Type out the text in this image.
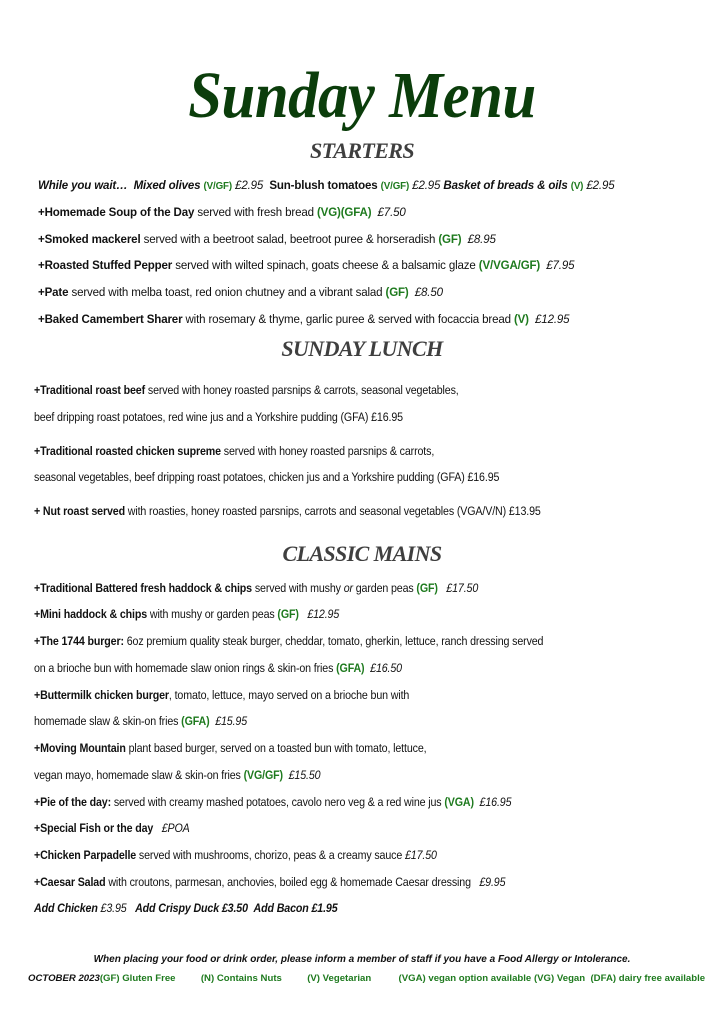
Sunday Menu
STARTERS
While you wait… Mixed olives (V/GF) £2.95 Sun-blush tomatoes (V/GF) £2.95 Basket of breads & oils (V) £2.95
+Homemade Soup of the Day served with fresh bread (VG)(GFA) £7.50
+Smoked mackerel served with a beetroot salad, beetroot puree & horseradish (GF) £8.95
+Roasted Stuffed Pepper served with wilted spinach, goats cheese & a balsamic glaze (V/VGA/GF) £7.95
+Pate served with melba toast, red onion chutney and a vibrant salad (GF) £8.50
+Baked Camembert Sharer with rosemary & thyme, garlic puree & served with focaccia bread (V) £12.95
SUNDAY LUNCH
+Traditional roast beef served with honey roasted parsnips & carrots, seasonal vegetables,
beef dripping roast potatoes, red wine jus and a Yorkshire pudding (GFA) £16.95
+Traditional roasted chicken supreme served with honey roasted parsnips & carrots,
seasonal vegetables, beef dripping roast potatoes, chicken jus and a Yorkshire pudding (GFA) £16.95
+ Nut roast served with roasties, honey roasted parsnips, carrots and seasonal vegetables (VGA/V/N) £13.95
CLASSIC MAINS
+Traditional Battered fresh haddock & chips served with mushy or garden peas (GF) £17.50
+Mini haddock & chips with mushy or garden peas (GF) £12.95
+The 1744 burger: 6oz premium quality steak burger, cheddar, tomato, gherkin, lettuce, ranch dressing served
on a brioche bun with homemade slaw onion rings & skin-on fries (GFA) £16.50
+Buttermilk chicken burger, tomato, lettuce, mayo served on a brioche bun with
homemade slaw & skin-on fries (GFA) £15.95
+Moving Mountain plant based burger, served on a toasted bun with tomato, lettuce,
vegan mayo, homemade slaw & skin-on fries (VG/GF) £15.50
+Pie of the day: served with creamy mashed potatoes, cavolo nero veg & a red wine jus (VGA) £16.95
+Special Fish or the day £POA
+Chicken Parpadelle served with mushrooms, chorizo, peas & a creamy sauce £17.50
+Caesar Salad with croutons, parmesan, anchovies, boiled egg & homemade Caesar dressing   £9.95
Add Chicken £3.95 Add Crispy Duck £3.50 Add Bacon £1.95
When placing your food or drink order, please inform a member of staff if you have a Food Allergy or Intolerance.
OCTOBER 2023(GF) Gluten Free	(N) Contains Nuts	(V) Vegetarian	(VGA) vegan option available (VG) Vegan (DFA) dairy free available
